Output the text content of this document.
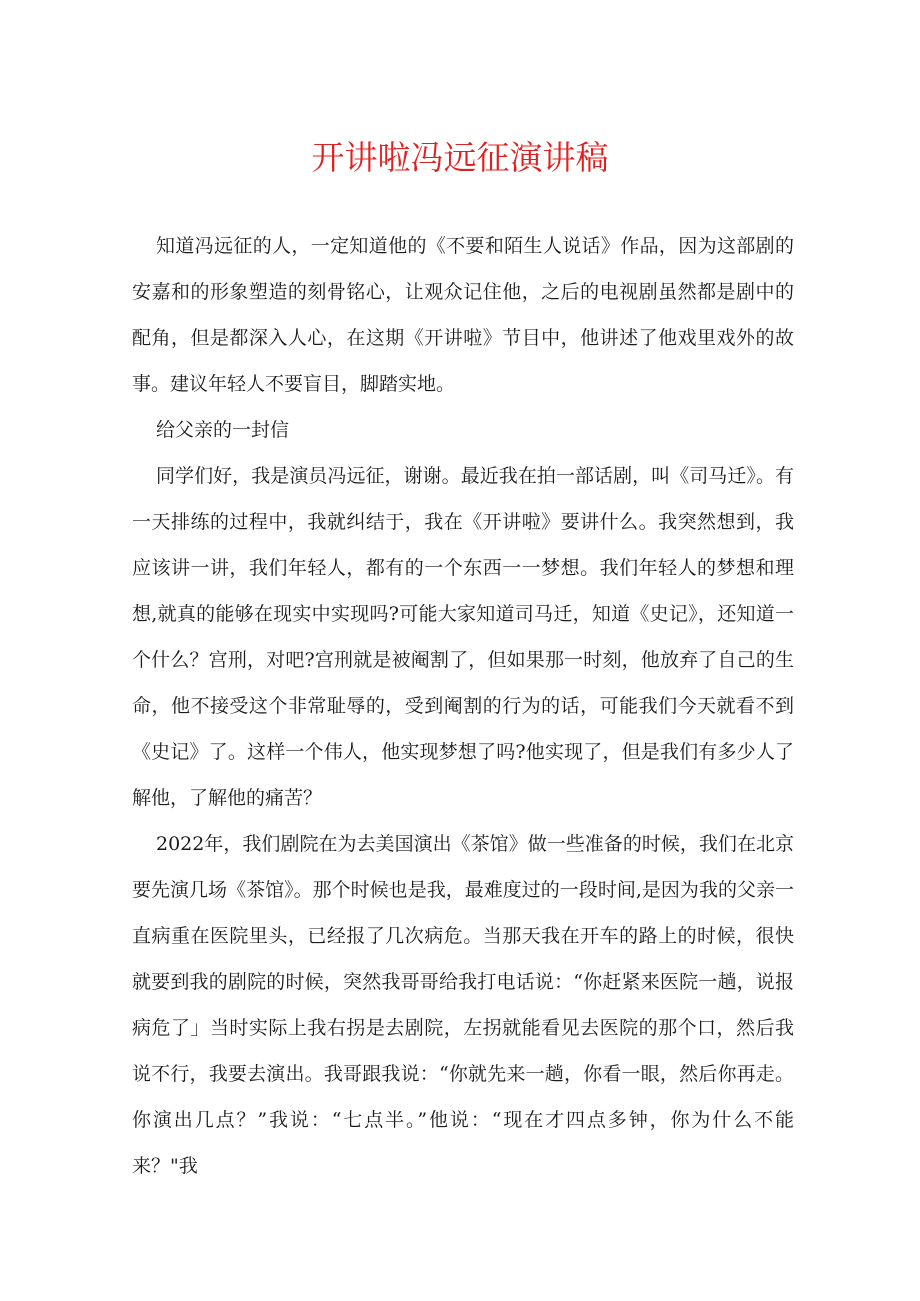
开讲啦冯远征演讲稿

知道冯远征的人，一定知道他的《不要和陌生人说话》作品，因为这部剧的安嘉和的形象塑造的刻骨铭心，让观众记住他，之后的电视剧虽然都是剧中的配角，但是都深入人心，在这期《开讲啦》节目中，他讲述了他戏里戏外的故事。建议年轻人不要盲目，脚踏实地。

给父亲的一封信

同学们好，我是演员冯远征，谢谢。最近我在拍一部话剧，叫《司马迁》。有一天排练的过程中，我就纠结于，我在《开讲啦》要讲什么。我突然想到，我应该讲一讲，我们年轻人，都有的一个东西一一梦想。我们年轻人的梦想和理想,就真的能够在现实中实现吗?可能大家知道司马迁，知道《史记》，还知道一个什么？宫刑，对吧?宫刑就是被阉割了，但如果那一时刻，他放弃了自己的生命，他不接受这个非常耻辱的，受到阉割的行为的话，可能我们今天就看不到《史记》了。这样一个伟人，他实现梦想了吗?他实现了，但是我们有多少人了解他，了解他的痛苦？

2022年，我们剧院在为去美国演出《茶馆》做一些准备的时候，我们在北京要先演几场《茶馆》。那个时候也是我，最难度过的一段时间,是因为我的父亲一直病重在医院里头，已经报了几次病危。当那天我在开车的路上的时候，很快就要到我的剧院的时候，突然我哥哥给我打电话说：“你赶紧来医院一趟，说报病危了」当时实际上我右拐是去剧院，左拐就能看见去医院的那个口，然后我说不行，我要去演出。我哥跟我说：“你就先来一趟，你看一眼，然后你再走。你演出几点？”我说：“七点半。”他说：“现在才四点多钟，你为什么不能来？"我
